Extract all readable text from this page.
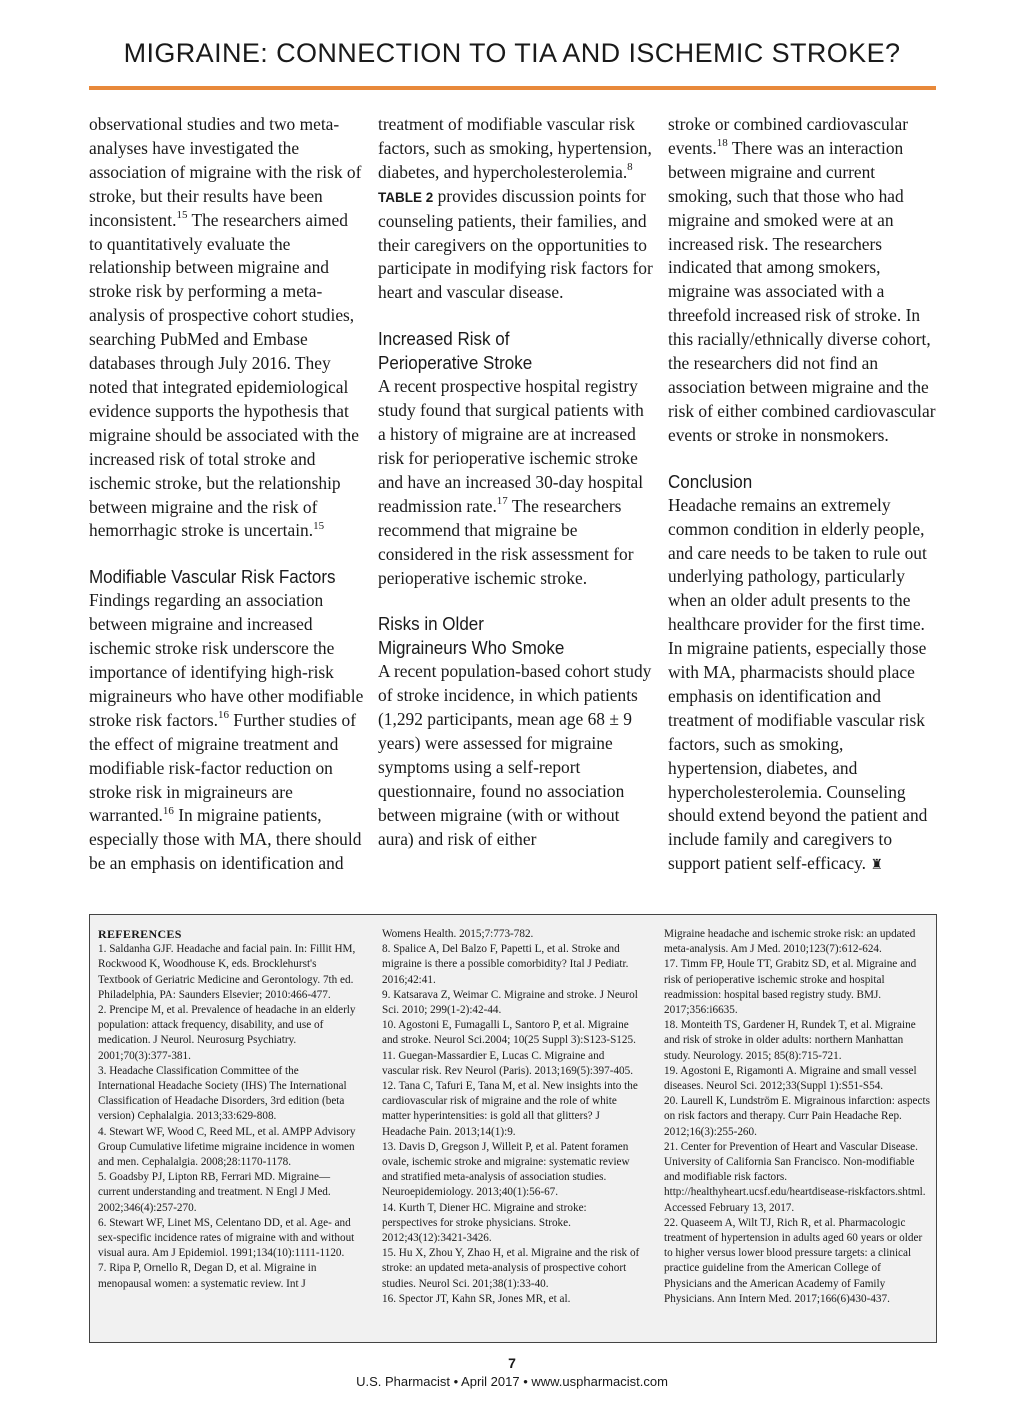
MIGRAINE: CONNECTION TO TIA AND ISCHEMIC STROKE?

observational studies and two meta-analyses have investigated the association of migraine with the risk of stroke, but their results have been inconsistent.$^{15}$ The researchers aimed to quantitatively evaluate the relationship between migraine and stroke risk by performing a meta-analysis of prospective cohort studies, searching PubMed and Embase databases through July 2016. They noted that integrated epidemiological evidence supports the hypothesis that migraine should be associated with the increased risk of total stroke and ischemic stroke, but the relationship between migraine and the risk of hemorrhagic stroke is uncertain.$^{15}$

Modifiable Vascular Risk Factors

Findings regarding an association between migraine and increased ischemic stroke risk underscore the importance of identifying high-risk migraineurs who have other modifiable stroke risk factors.$^{16}$ Further studies of the effect of migraine treatment and modifiable risk-factor reduction on stroke risk in migraineurs are warranted.$^{16}$ In migraine patients, especially those with MA, there should be an emphasis on identification and

treatment of modifiable vascular risk factors, such as smoking, hypertension, diabetes, and hypercholesterolemia.$^8$ TABLE 2 provides discussion points for counseling patients, their families, and their caregivers on the opportunities to participate in modifying risk factors for heart and vascular disease.

Increased Risk of
Perioperative Stroke

A recent prospective hospital registry study found that surgical patients with a history of migraine are at increased risk for perioperative ischemic stroke and have an increased 30-day hospital readmission rate.$^{17}$ The researchers recommend that migraine be considered in the risk assessment for perioperative ischemic stroke.

Risks in Older
Migraineurs Who Smoke

A recent population-based cohort study of stroke incidence, in which patients (1,292 participants, mean age 68 ± 9 years) were assessed for migraine symptoms using a self-report questionnaire, found no association between migraine (with or without aura) and risk of either

stroke or combined cardiovascular events.$^{18}$ There was an interaction between migraine and current smoking, such that those who had migraine and smoked were at an increased risk. The researchers indicated that among smokers, migraine was associated with a threefold increased risk of stroke. In this racially/ethnically diverse cohort, the researchers did not find an association between migraine and the risk of either combined cardiovascular events or stroke in nonsmokers.

Conclusion

Headache remains an extremely common condition in elderly people, and care needs to be taken to rule out underlying pathology, particularly when an older adult presents to the healthcare provider for the first time. In migraine patients, especially those with MA, pharmacists should place emphasis on identification and treatment of modifiable vascular risk factors, such as smoking, hypertension, diabetes, and hypercholesterolemia. Counseling should extend beyond the patient and include family and caregivers to support patient self-efficacy. ♜

REFERENCES
1. Saldanha GJF. Headache and facial pain. In: Fillit HM, Rockwood K, Woodhouse K, eds. Brocklehurst's Textbook of Geriatric Medicine and Gerontology. 7th ed. Philadelphia, PA: Saunders Elsevier; 2010:466-477.
2. Prencipe M, et al. Prevalence of headache in an elderly population: attack frequency, disability, and use of medication. J Neurol. Neurosurg Psychiatry. 2001;70(3):377-381.
3. Headache Classification Committee of the International Headache Society (IHS) The International Classification of Headache Disorders, 3rd edition (beta version) Cephalalgia. 2013;33:629-808.
4. Stewart WF, Wood C, Reed ML, et al. AMPP Advisory Group Cumulative lifetime migraine incidence in women and men. Cephalalgia. 2008;28:1170-1178.
5. Goadsby PJ, Lipton RB, Ferrari MD. Migraine—current understanding and treatment. N Engl J Med. 2002;346(4):257-270.
6. Stewart WF, Linet MS, Celentano DD, et al. Age- and sex-specific incidence rates of migraine with and without visual aura. Am J Epidemiol. 1991;134(10):1111-1120.
7. Ripa P, Ornello R, Degan D, et al. Migraine in menopausal women: a systematic review. Int J
Womens Health. 2015;7:773-782.
8. Spalice A, Del Balzo F, Papetti L, et al. Stroke and migraine is there a possible comorbidity? Ital J Pediatr. 2016;42:41.
9. Katsarava Z, Weimar C. Migraine and stroke. J Neurol Sci. 2010; 299(1-2):42-44.
10. Agostoni E, Fumagalli L, Santoro P, et al. Migraine and stroke. Neurol Sci.2004; 10(25 Suppl 3):S123-S125.
11. Guegan-Massardier E, Lucas C. Migraine and vascular risk. Rev Neurol (Paris). 2013;169(5):397-405.
12. Tana C, Tafuri E, Tana M, et al. New insights into the cardiovascular risk of migraine and the role of white matter hyperintensities: is gold all that glitters? J Headache Pain. 2013;14(1):9.
13. Davis D, Gregson J, Willeit P, et al. Patent foramen ovale, ischemic stroke and migraine: systematic review and stratified meta-analysis of association studies. Neuroepidemiology. 2013;40(1):56-67.
14. Kurth T, Diener HC. Migraine and stroke: perspectives for stroke physicians. Stroke. 2012;43(12):3421-3426.
15. Hu X, Zhou Y, Zhao H, et al. Migraine and the risk of stroke: an updated meta-analysis of prospective cohort studies. Neurol Sci. 201;38(1):33-40.
16. Spector JT, Kahn SR, Jones MR, et al.
Migraine headache and ischemic stroke risk: an updated meta-analysis. Am J Med. 2010;123(7):612-624.
17. Timm FP, Houle TT, Grabitz SD, et al. Migraine and risk of perioperative ischemic stroke and hospital readmission: hospital based registry study. BMJ. 2017;356:i6635.
18. Monteith TS, Gardener H, Rundek T, et al. Migraine and risk of stroke in older adults: northern Manhattan study. Neurology. 2015; 85(8):715-721.
19. Agostoni E, Rigamonti A. Migraine and small vessel diseases. Neurol Sci. 2012;33(Suppl 1):S51-S54.
20. Laurell K, Lundström E. Migrainous infarction: aspects on risk factors and therapy. Curr Pain Headache Rep. 2012;16(3):255-260.
21. Center for Prevention of Heart and Vascular Disease. University of California San Francisco. Non-modifiable and modifiable risk factors. http://healthyheart.ucsf.edu/heartdisease-riskfactors.shtml. Accessed February 13, 2017.
22. Quaseem A, Wilt TJ, Rich R, et al. Pharmacologic treatment of hypertension in adults aged 60 years or older to higher versus lower blood pressure targets: a clinical practice guideline from the American College of Physicians and the American Academy of Family Physicians. Ann Intern Med. 2017;166(6)430-437.
7
U.S. Pharmacist • April 2017 • www.uspharmacist.com
